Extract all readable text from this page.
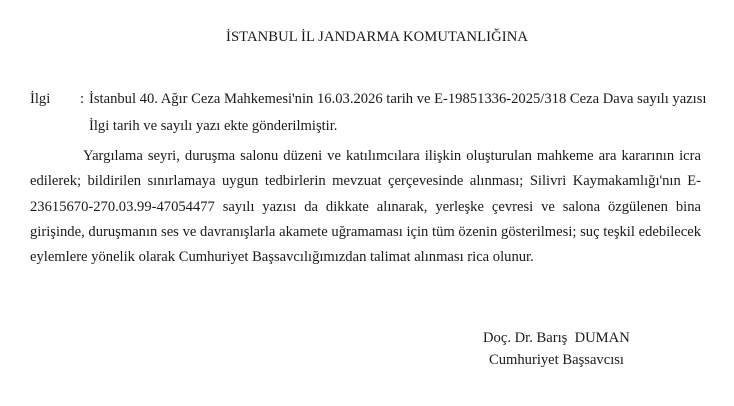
İSTANBUL İL JANDARMA KOMUTANLIĞINA
İlgi : İstanbul 40. Ağır Ceza Mahkemesi'nin 16.03.2026 tarih ve E-19851336-2025/318 Ceza Dava sayılı yazısı
İlgi tarih ve sayılı yazı ekte gönderilmiştir.
Yargılama seyri, duruşma salonu düzeni ve katılımcılara ilişkin oluşturulan mahkeme ara kararının icra
edilerek; bildirilen sınırlamaya uygun tedbirlerin mevzuat çerçevesinde alınması; Silivri Kaymakamlığı'nın E-
23615670-270.03.99-47054477 sayılı yazısı da dikkate alınarak, yerleşke çevresi ve salona özgülenen bina
girişinde, duruşmanın ses ve davranışlarla akamete uğramaması için tüm özenin gösterilmesi; suç teşkil edebilecek
eylemlere yönelik olarak Cumhuriyet Başsavcılığımızdan talimat alınması rica olunur.
Doç. Dr. Barış  DUMAN
Cumhuriyet Başsavcısı
